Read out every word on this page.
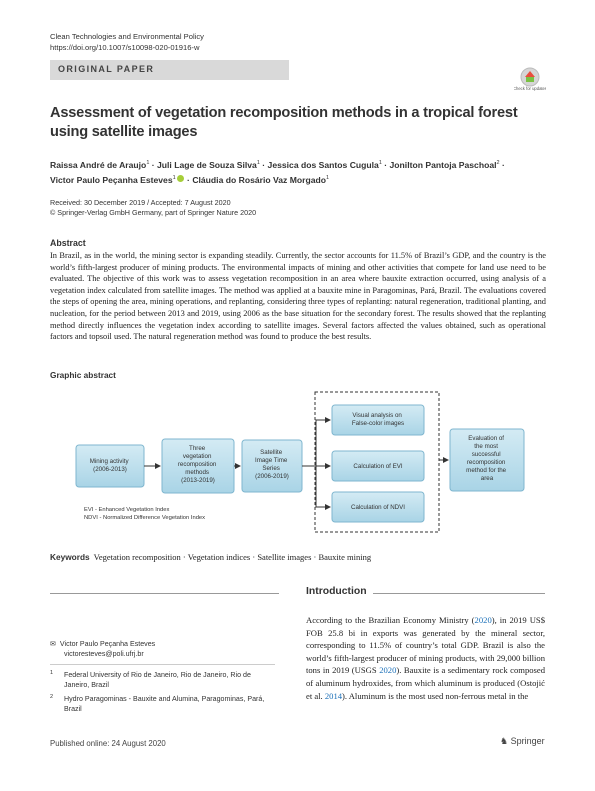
Clean Technologies and Environmental Policy
https://doi.org/10.1007/s10098-020-01916-w
ORIGINAL PAPER
Check for updates
Assessment of vegetation recomposition methods in a tropical forest using satellite images
Raissa André de Araujo$^1$ · Juli Lage de Souza Silva$^1$ · Jessica dos Santos Cugula$^1$ · Jonilton Pantoja Paschoal$^2$ ·
Victor Paulo Peçanha Esteves$^1$ · Cláudia do Rosário Vaz Morgado$^1$
Received: 30 December 2019 / Accepted: 7 August 2020
© Springer-Verlag GmbH Germany, part of Springer Nature 2020
Abstract
In Brazil, as in the world, the mining sector is expanding steadily. Currently, the sector accounts for 11.5% of Brazil’s GDP, and the country is the world’s fifth-largest producer of mining products. The environmental impacts of mining and other activities that compete for land use need to be evaluated. The objective of this work was to assess vegetation recomposition in an area where bauxite extraction occurred, using analysis of a vegetation index calculated from satellite images. The method was applied at a bauxite mine in Paragominas, Pará, Brazil. The evaluations covered the steps of opening the area, mining operations, and replanting, considering three types of replanting: natural regeneration, traditional planting, and nucleation, for the period between 2013 and 2019, using 2006 as the base situation for the secondary forest. The results showed that the replanting method directly influences the vegetation index according to satellite images. Several factors affected the values obtained, such as operational factors and topsoil used. The natural regeneration method was found to produce the best results.
Graphic abstract
Mining activity (2006-2013)
Three vegetation recomposition methods (2013-2019)
Satellite Image Time Series (2006-2019)
Visual analysis on False-color images
Calculation of EVI
Calculation of NDVI
Evaluation of the most successful recomposition method for the area
EVI - Enhanced Vegetation Index
NDVI - Normalized Difference Vegetation Index
Keywords Vegetation recomposition · Vegetation indices · Satellite images · Bauxite mining
Introduction
According to the Brazilian Economy Ministry (2020), in 2019 US$ FOB 25.8 bi in exports was generated by the mineral sector, corresponding to 11.5% of country’s total GDP. Brazil is also the world’s fifth-largest producer of mining products, with 29,000 billion tons in 2019 (USGS 2020). Bauxite is a sedimentary rock composed of aluminum hydroxides, from which aluminum is produced (Ostojić et al. 2014). Aluminum is the most used non-ferrous metal in the
✉ Victor Paulo Peçanha Esteves
victoresteves@poli.ufrj.br
1 Federal University of Rio de Janeiro, Rio de Janeiro, Rio de Janeiro, Brazil
2 Hydro Paragominas - Bauxite and Alumina, Paragominas, Pará, Brazil
Published online: 24 August 2020	♞ Springer
